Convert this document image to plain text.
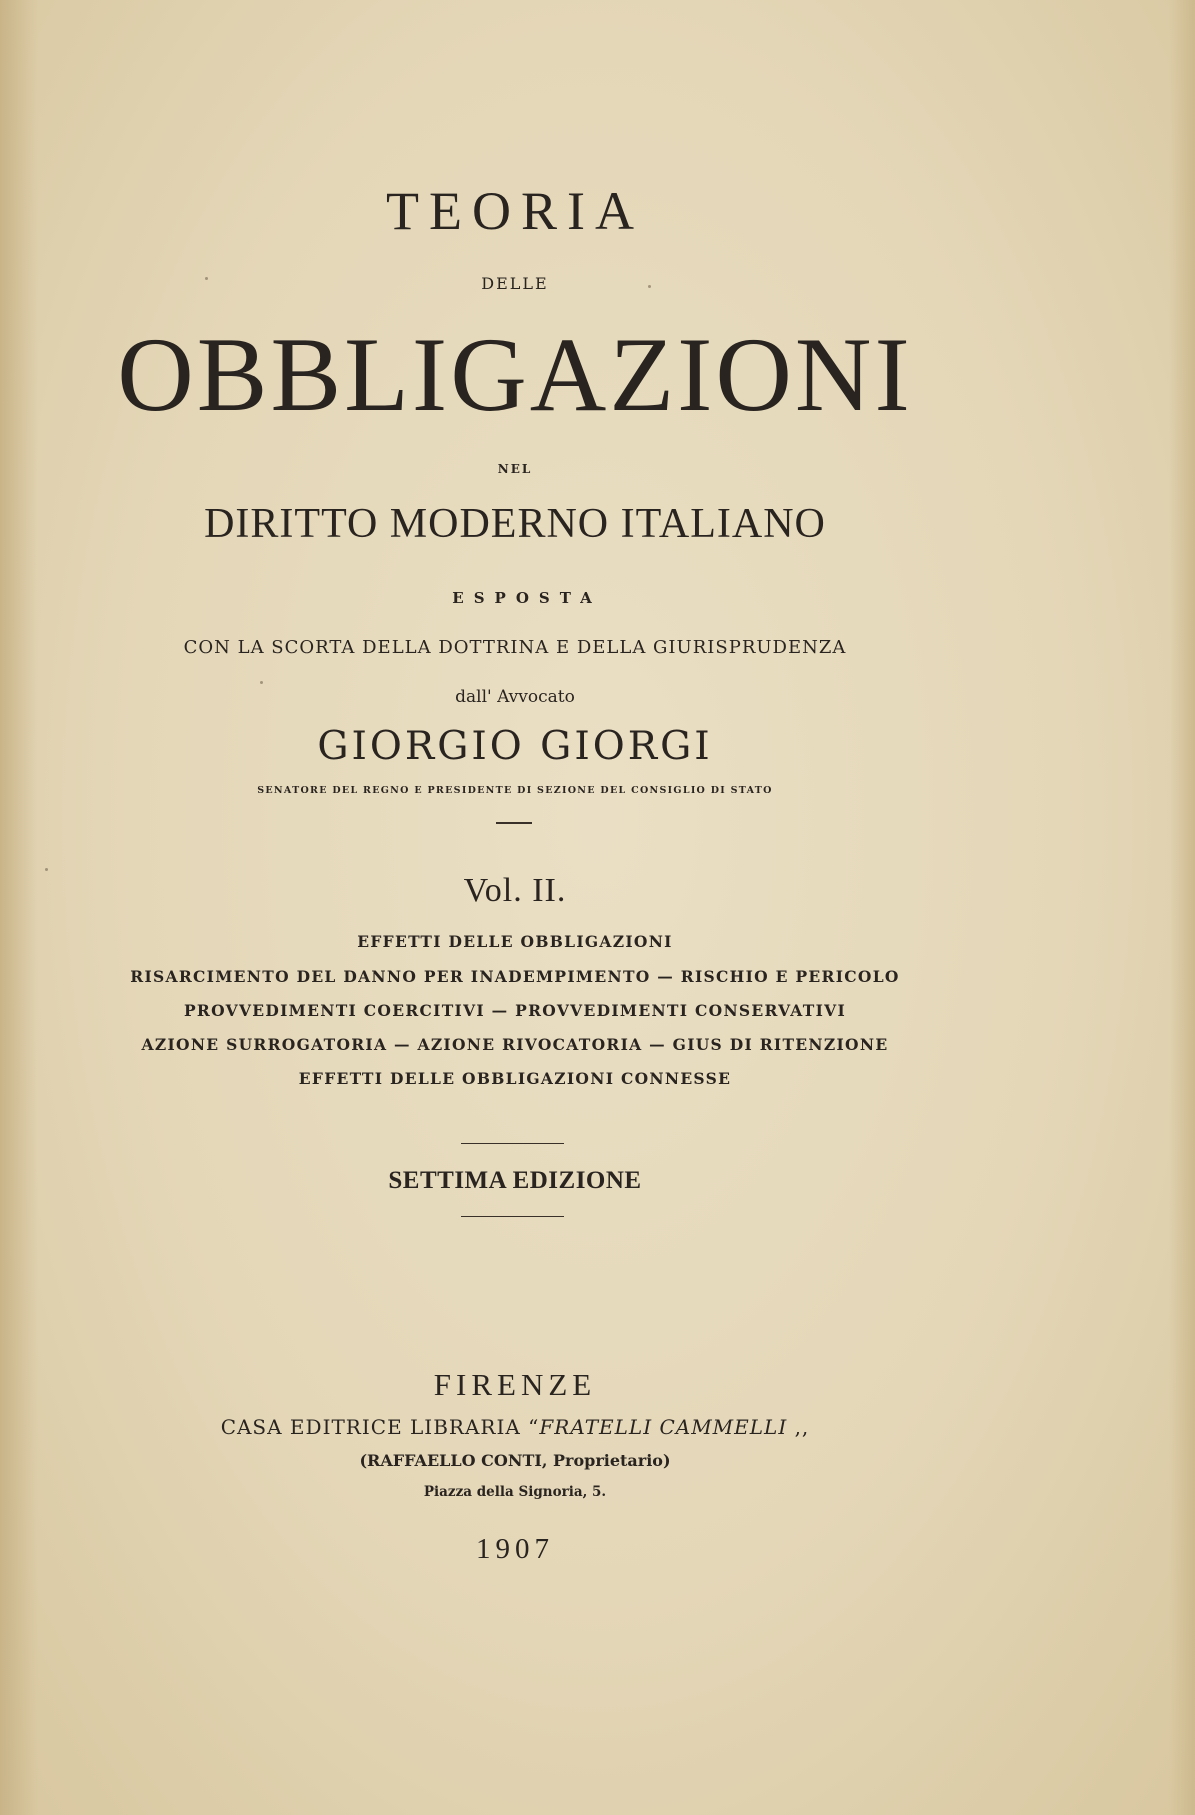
TEORIA
DELLE
OBBLIGAZIONI
NEL
DIRITTO MODERNO ITALIANO
ESPOSTA
CON LA SCORTA DELLA DOTTRINA E DELLA GIURISPRUDENZA
dall' Avvocato
GIORGIO GIORGI
SENATORE DEL REGNO E PRESIDENTE DI SEZIONE DEL CONSIGLIO DI STATO
Vol. II.
EFFETTI DELLE OBBLIGAZIONI
RISARCIMENTO DEL DANNO PER INADEMPIMENTO — RISCHIO E PERICOLO
PROVVEDIMENTI COERCITIVI — PROVVEDIMENTI CONSERVATIVI
AZIONE SURROGATORIA — AZIONE RIVOCATORIA — GIUS DI RITENZIONE
EFFETTI DELLE OBBLIGAZIONI CONNESSE
SETTIMA EDIZIONE
FIRENZE
CASA EDITRICE LIBRARIA “FRATELLI CAMMELLI ,,
(RAFFAELLO CONTI, Proprietario)
Piazza della Signoria, 5.
1907
